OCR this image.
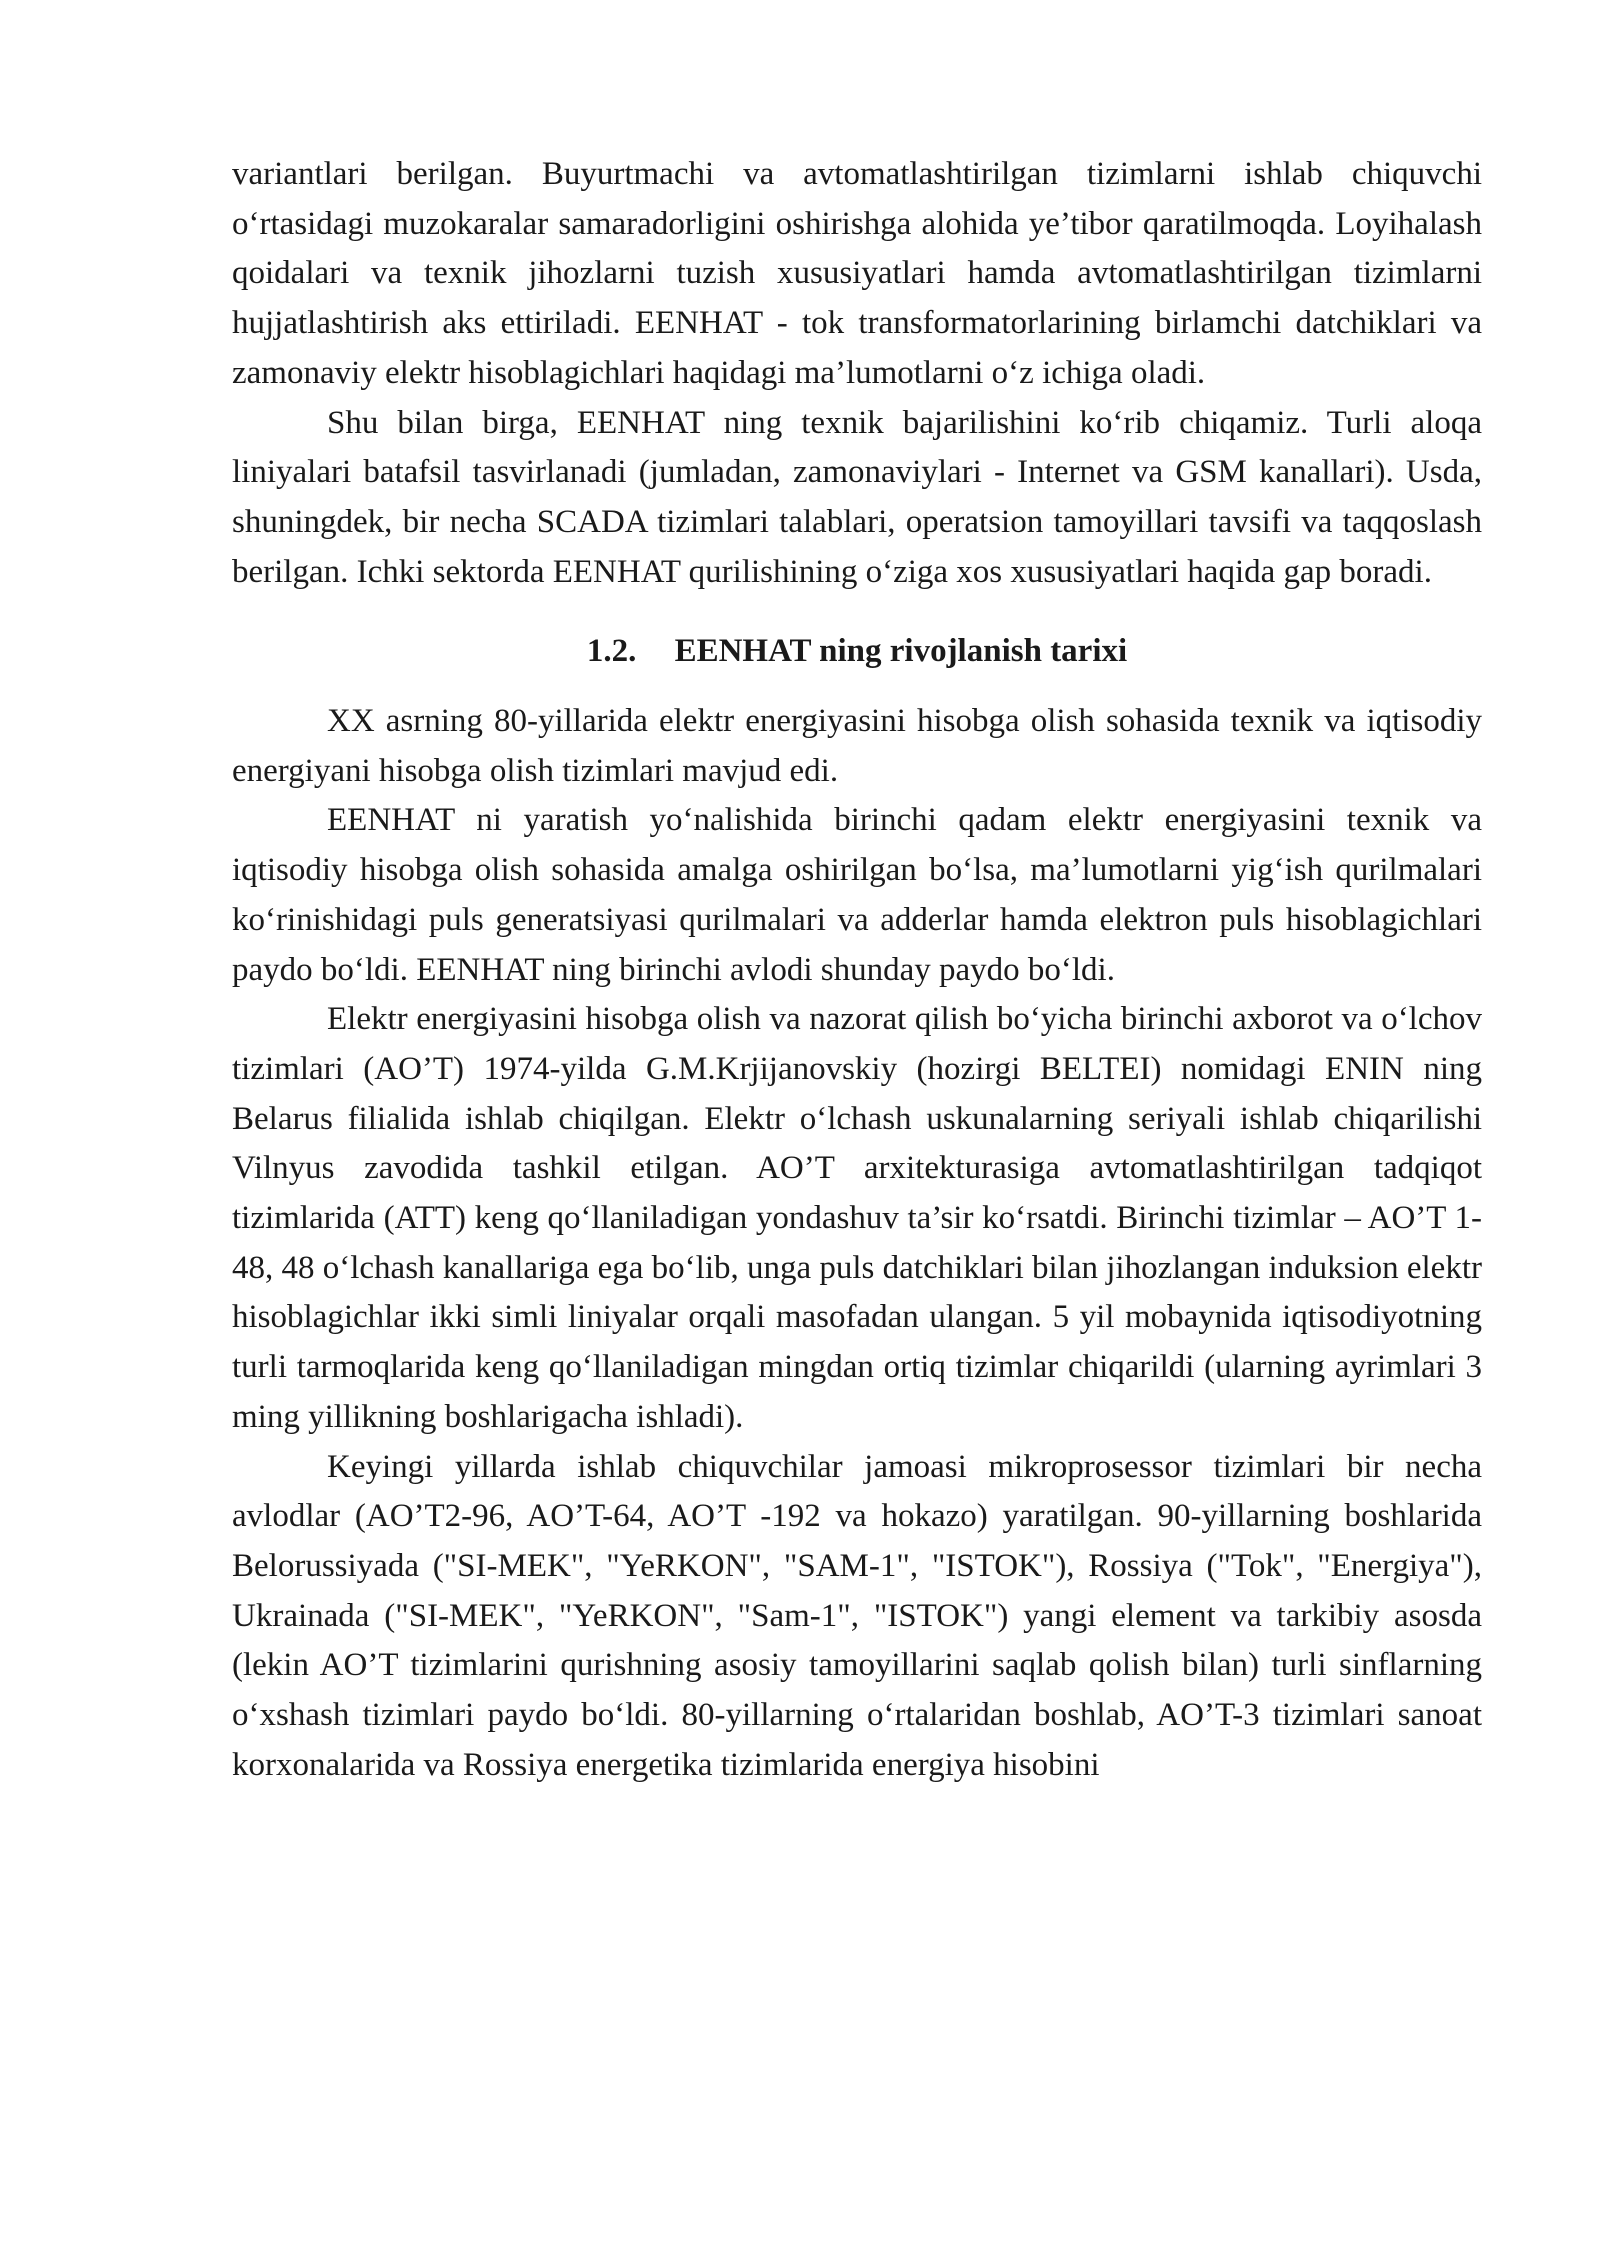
variantlari berilgan. Buyurtmachi va avtomatlashtirilgan tizimlarni ishlab chiquvchi o‘rtasidagi muzokaralar samaradorligini oshirishga alohida ye’tibor qaratilmoqda. Loyihalash qoidalari va texnik jihozlarni tuzish xususiyatlari hamda avtomatlashtirilgan tizimlarni hujjatlashtirish aks ettiriladi. EENHAT - tok transformatorlarining birlamchi datchiklari va zamonaviy elektr hisoblagichlari haqidagi ma’lumotlarni o‘z ichiga oladi.

Shu bilan birga, EENHAT ning texnik bajarilishini ko‘rib chiqamiz. Turli aloqa liniyalari batafsil tasvirlanadi (jumladan, zamonaviylari - Internet va GSM kanallari). Usda, shuningdek, bir necha SCADA tizimlari talablari, operatsion tamoyillari tavsifi va taqqoslash berilgan. Ichki sektorda EENHAT qurilishining o‘ziga xos xususiyatlari haqida gap boradi.

1.2. EENHAT ning rivojlanish tarixi

XX asrning 80-yillarida elektr energiyasini hisobga olish sohasida texnik va iqtisodiy energiyani hisobga olish tizimlari mavjud edi.

EENHAT ni yaratish yo‘nalishida birinchi qadam elektr energiyasini texnik va iqtisodiy hisobga olish sohasida amalga oshirilgan bo‘lsa, ma’lumotlarni yig‘ish qurilmalari ko‘rinishidagi puls generatsiyasi qurilmalari va adderlar hamda elektron puls hisoblagichlari paydo bo‘ldi. EENHAT ning birinchi avlodi shunday paydo bo‘ldi.

Elektr energiyasini hisobga olish va nazorat qilish bo‘yicha birinchi axborot va o‘lchov tizimlari (AO’T) 1974-yilda G.M.Krjijanovskiy (hozirgi BELTEI) nomidagi ENIN ning Belarus filialida ishlab chiqilgan. Elektr o‘lchash uskunalarning seriyali ishlab chiqarilishi Vilnyus zavodida tashkil etilgan. AO’T arxitekturasiga avtomatlashtirilgan tadqiqot tizimlarida (ATT) keng qo‘llaniladigan yondashuv ta’sir ko‘rsatdi. Birinchi tizimlar – AO’T 1-48, 48 o‘lchash kanallariga ega bo‘lib, unga puls datchiklari bilan jihozlangan induksion elektr hisoblagichlar ikki simli liniyalar orqali masofadan ulangan. 5 yil mobaynida iqtisodiyotning turli tarmoqlarida keng qo‘llaniladigan mingdan ortiq tizimlar chiqarildi (ularning ayrimlari 3 ming yillikning boshlarigacha ishladi).

Keyingi yillarda ishlab chiquvchilar jamoasi mikroprosessor tizimlari bir necha avlodlar (AO’T2-96, AO’T-64, AO’T -192 va hokazo) yaratilgan. 90-yillarning boshlarida Belorussiyada ("SI-MEK", "YeRKON", "SAM-1", "ISTOK"), Rossiya ("Tok", "Energiya"), Ukrainada ("SI-MEK", "YeRKON", "Sam-1", "ISTOK") yangi element va tarkibiy asosda (lekin AO’T tizimlarini qurishning asosiy tamoyillarini saqlab qolish bilan) turli sinflarning o‘xshash tizimlari paydo bo‘ldi. 80-yillarning o‘rtalaridan boshlab, AO’T-3 tizimlari sanoat korxonalarida va Rossiya energetika tizimlarida energiya hisobini
